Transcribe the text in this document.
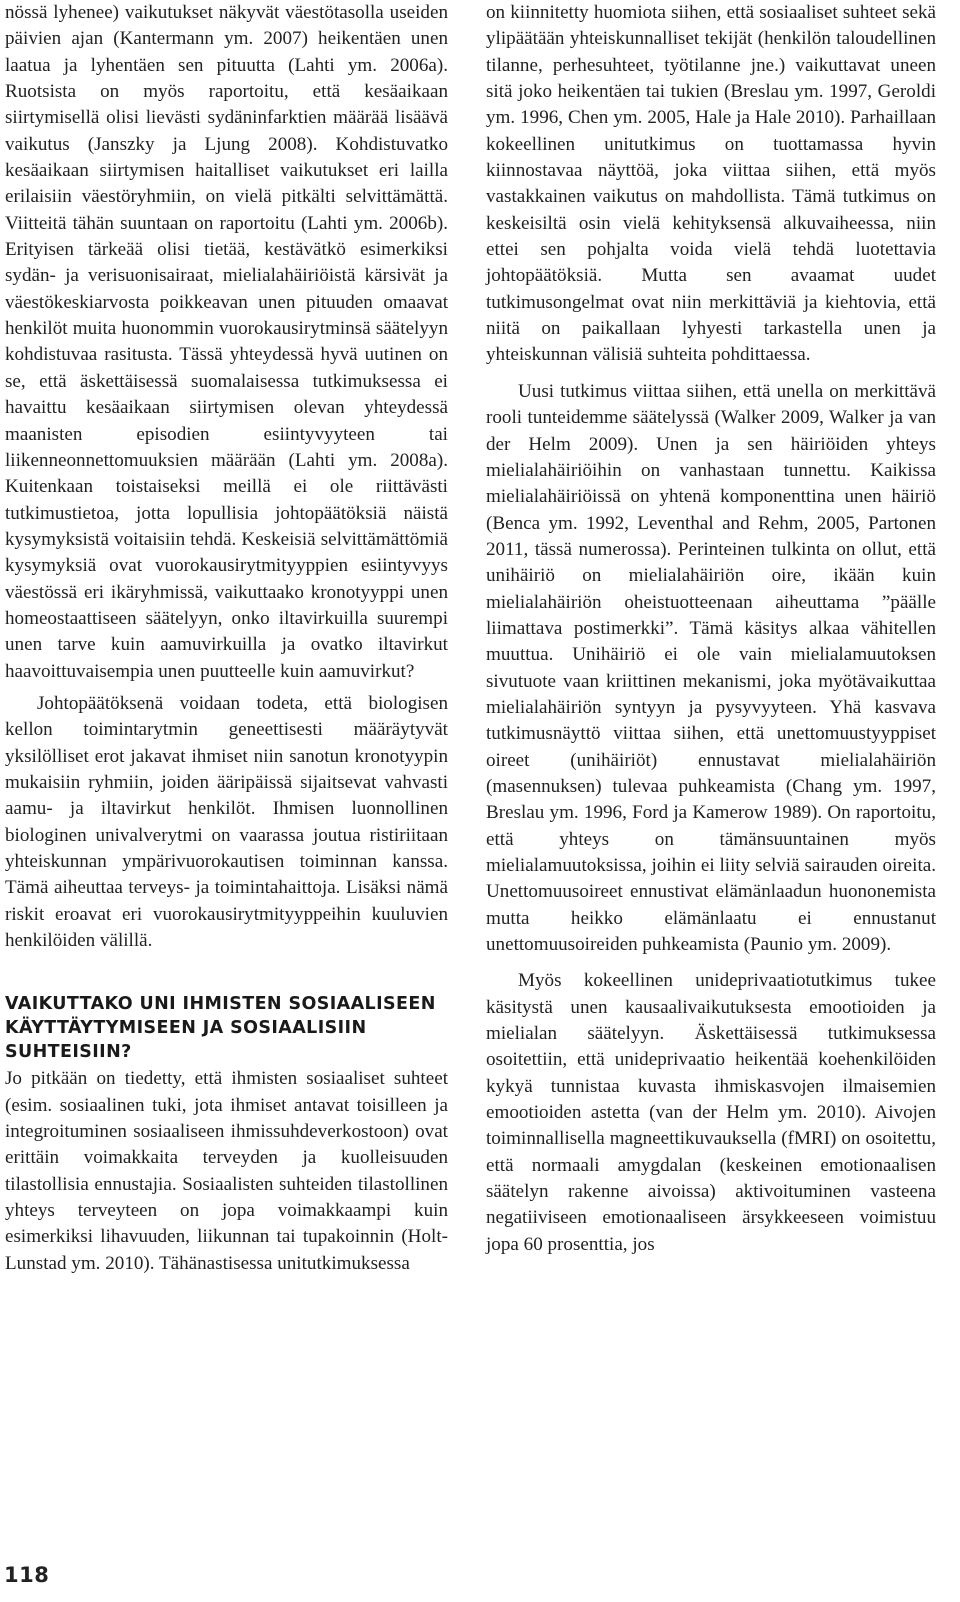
nössä lyhenee) vaikutukset näkyvät väestötasolla useiden päivien ajan (Kantermann ym. 2007) heikentäen unen laatua ja lyhentäen sen pituutta (Lahti ym. 2006a). Ruotsista on myös raportoitu, että kesäaikaan siirtymisellä olisi lievästi sydäninfarktien määrää lisäävä vaikutus (Janszky ja Ljung 2008). Kohdistuvatko kesäaikaan siirtymisen haitalliset vaikutukset eri lailla erilaisiin väestöryhmiin, on vielä pitkälti selvittämättä. Viitteitä tähän suuntaan on raportoitu (Lahti ym. 2006b). Erityisen tärkeää olisi tietää, kestävätkö esimerkiksi sydän- ja verisuonisairaat, mielialahäiriöistä kärsivät ja väestökeskiarvosta poikkeavan unen pituuden omaavat henkilöt muita huonommin vuorokausirytminsä säätelyyn kohdistuvaa rasitusta. Tässä yhteydessä hyvä uutinen on se, että äskettäisessä suomalaisessa tutkimuksessa ei havaittu kesäaikaan siirtymisen olevan yhteydessä maanisten episodien esiintyvyyteen tai liikenneonnettomuuksien määrään (Lahti ym. 2008a). Kuitenkaan toistaiseksi meillä ei ole riittävästi tutkimustietoa, jotta lopullisia johtopäätöksiä näistä kysymyksistä voitaisiin tehdä. Keskeisiä selvittämättömiä kysymyksiä ovat vuorokausirytmityyppien esiintyvyys väestössä eri ikäryhmissä, vaikuttaako kronotyyppi unen homeostaattiseen säätelyyn, onko iltavirkuilla suurempi unen tarve kuin aamuvirkuilla ja ovatko iltavirkut haavoittuvaisempia unen puutteelle kuin aamuvirkut?

Johtopäätöksenä voidaan todeta, että biologisen kellon toimintarytmin geneettisesti määräytyvät yksilölliset erot jakavat ihmiset niin sanotun kronotyypin mukaisiin ryhmiin, joiden ääripäissä sijaitsevat vahvasti aamu- ja iltavirkut henkilöt. Ihmisen luonnollinen biologinen univalverytmi on vaarassa joutua ristiriitaan yhteiskunnan ympärivuorokautisen toiminnan kanssa. Tämä aiheuttaa terveys- ja toimintahaittoja. Lisäksi nämä riskit eroavat eri vuorokausirytmityyppeihin kuuluvien henkilöiden välillä.

VAIKUTTAKO UNI IHMISTEN SOSIAALISEEN
KÄYTTÄYTYMISEEN JA SOSIAALISIIN SUHTEISIIN?

Jo pitkään on tiedetty, että ihmisten sosiaaliset suhteet (esim. sosiaalinen tuki, jota ihmiset antavat toisilleen ja integroituminen sosiaaliseen ihmissuhdeverkostoon) ovat erittäin voimakkaita terveyden ja kuolleisuuden tilastollisia ennustajia. Sosiaalisten suhteiden tilastollinen yhteys terveyteen on jopa voimakkaampi kuin esimerkiksi lihavuuden, liikunnan tai tupakoinnin (Holt-Lunstad ym. 2010). Tähänastisessa unitutkimuksessa

on kiinnitetty huomiota siihen, että sosiaaliset suhteet sekä ylipäätään yhteiskunnalliset tekijät (henkilön taloudellinen tilanne, perhesuhteet, työtilanne jne.) vaikuttavat uneen sitä joko heikentäen tai tukien (Breslau ym. 1997, Geroldi ym. 1996, Chen ym. 2005, Hale ja Hale 2010). Parhaillaan kokeellinen unitutkimus on tuottamassa hyvin kiinnostavaa näyttöä, joka viittaa siihen, että myös vastakkainen vaikutus on mahdollista. Tämä tutkimus on keskeisiltä osin vielä kehityksensä alkuvaiheessa, niin ettei sen pohjalta voida vielä tehdä luotettavia johtopäätöksiä. Mutta sen avaamat uudet tutkimusongelmat ovat niin merkittäviä ja kiehtovia, että niitä on paikallaan lyhyesti tarkastella unen ja yhteiskunnan välisiä suhteita pohdittaessa.

Uusi tutkimus viittaa siihen, että unella on merkittävä rooli tunteidemme säätelyssä (Walker 2009, Walker ja van der Helm 2009). Unen ja sen häiriöiden yhteys mielialahäiriöihin on vanhastaan tunnettu. Kaikissa mielialahäiriöissä on yhtenä komponenttina unen häiriö (Benca ym. 1992, Leventhal and Rehm, 2005, Partonen 2011, tässä numerossa). Perinteinen tulkinta on ollut, että unihäiriö on mielialahäiriön oire, ikään kuin mielialahäiriön oheistuotteenaan aiheuttama ”päälle liimattava postimerkki”. Tämä käsitys alkaa vähitellen muuttua. Unihäiriö ei ole vain mielialamuutoksen sivutuote vaan kriittinen mekanismi, joka myötävaikuttaa mielialahäiriön syntyyn ja pysyvyyteen. Yhä kasvava tutkimusnäyttö viittaa siihen, että unettomuustyyppiset oireet (unihäiriöt) ennustavat mielialahäiriön (masennuksen) tulevaa puhkeamista (Chang ym. 1997, Breslau ym. 1996, Ford ja Kamerow 1989). On raportoitu, että yhteys on tämänsuuntainen myös mielialamuutoksissa, joihin ei liity selviä sairauden oireita. Unettomuusoireet ennustivat elämänlaadun huononemista mutta heikko elämänlaatu ei ennustanut unettomuusoireiden puhkeamista (Paunio ym. 2009).

Myös kokeellinen unideprivaatiotutkimus tukee käsitystä unen kausaalivaikutuksesta emootioiden ja mielialan säätelyyn. Äskettäisessä tutkimuksessa osoitettiin, että unideprivaatio heikentää koehenkilöiden kykyä tunnistaa kuvasta ihmiskasvojen ilmaisemien emootioiden astetta (van der Helm ym. 2010). Aivojen toiminnallisella magneettikuvauksella (fMRI) on osoitettu, että normaali amygdalan (keskeinen emotionaalisen säätelyn rakenne aivoissa) aktivoituminen vasteena negatiiviseen emotionaaliseen ärsykkeeseen voimistuu jopa 60 prosenttia, jos

118
